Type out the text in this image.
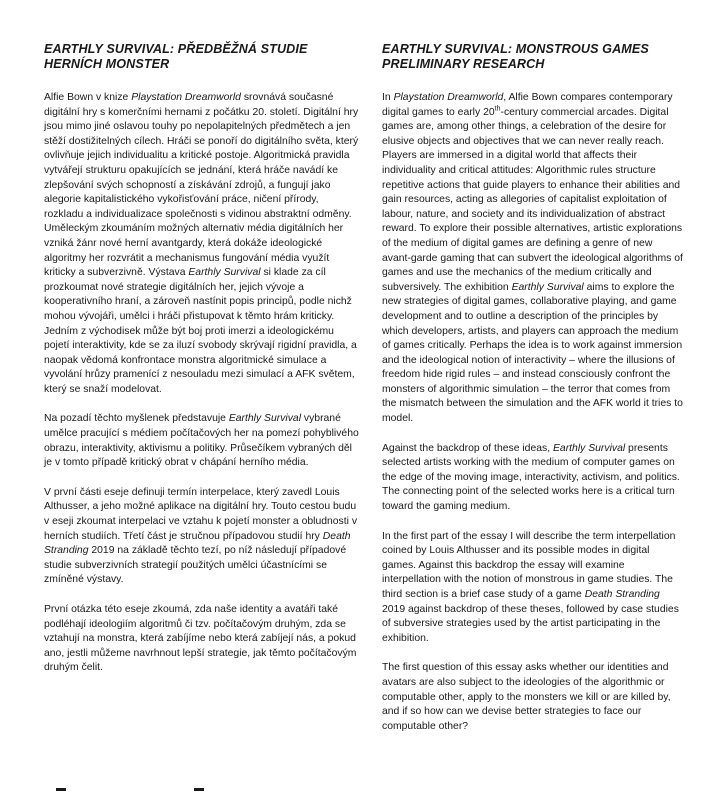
EARTHLY SURVIVAL: PŘEDBĚŽNÁ STUDIE HERNÍCH MONSTER

Alfie Bown v knize Playstation Dreamworld srovnává současné digitální hry s komerčními hernami z počátku 20. století. Digitální hry jsou mimo jiné oslavou touhy po nepolapitelných předmětech a jen stěží dostižitelných cílech. Hráči se ponoří do digitálního světa, který ovlivňuje jejich individualitu a kritické postoje. Algoritmická pravidla vytvářejí strukturu opakujících se jednání, která hráče navádí ke zlepšování svých schopností a získávání zdrojů, a fungují jako alegorie kapitalistického vykořisťování práce, ničení přírody, rozkladu a individualizace společnosti s vidinou abstraktní odměny. Uměleckým zkoumáním možných alternativ média digitálních her vzniká žánr nové herní avantgardy, která dokáže ideologické algoritmy her rozvrátit a mechanismus fungování média využít kriticky a subverzivně. Výstava Earthly Survival si klade za cíl prozkoumat nové strategie digitálních her, jejich vývoje a kooperativního hraní, a zároveň nastínit popis principů, podle nichž mohou vývojáři, umělci i hráči přistupovat k těmto hrám kriticky. Jedním z východisek může být boj proti imerzi a ideologickému pojetí interaktivity, kde se za iluzí svobody skrývají rigidní pravidla, a naopak vědomá konfrontace monstra algoritmické simulace a vyvolání hrůzy pramenící z nesouladu mezi simulací a AFK světem, který se snaží modelovat.

Na pozadí těchto myšlenek představuje Earthly Survival vybrané umělce pracující s médiem počítačových her na pomezí pohyblivého obrazu, interaktivity, aktivismu a politiky. Průsečíkem vybraných děl je v tomto případě kritický obrat v chápání herního média.

V první části eseje definuji termín interpelace, který zavedl Louis Althusser, a jeho možné aplikace na digitální hry. Touto cestou budu v eseji zkoumat interpelaci ve vztahu k pojetí monster a obludnosti v herních studiích. Třetí část je stručnou případovou studií hry Death Stranding 2019 na základě těchto tezí, po níž následují případové studie subverzivních strategií použitých umělci účastnícími se zmíněné výstavy.

První otázka této eseje zkoumá, zda naše identity a avatáři také podléhají ideologiím algoritmů či tzv. počítačovým druhým, zda se vztahují na monstra, která zabíjíme nebo která zabíjejí nás, a pokud ano, jestli můžeme navrhnout lepší strategie, jak těmto počítačovým druhým čelit.

EARTHLY SURVIVAL: MONSTROUS GAMES PRELIMINARY RESEARCH

In Playstation Dreamworld, Alfie Bown compares contemporary digital games to early 20th-century commercial arcades. Digital games are, among other things, a celebration of the desire for elusive objects and objectives that we can never really reach. Players are immersed in a digital world that affects their individuality and critical attitudes: Algorithmic rules structure repetitive actions that guide players to enhance their abilities and gain resources, acting as allegories of capitalist exploitation of labour, nature, and society and its individualization of abstract reward. To explore their possible alternatives, artistic explorations of the medium of digital games are defining a genre of new avant-garde gaming that can subvert the ideological algorithms of games and use the mechanics of the medium critically and subversively. The exhibition Earthly Survival aims to explore the new strategies of digital games, collaborative playing, and game development and to outline a description of the principles by which developers, artists, and players can approach the medium of games critically. Perhaps the idea is to work against immersion and the ideological notion of interactivity – where the illusions of freedom hide rigid rules – and instead consciously confront the monsters of algorithmic simulation – the terror that comes from the mismatch between the simulation and the AFK world it tries to model.

Against the backdrop of these ideas, Earthly Survival presents selected artists working with the medium of computer games on the edge of the moving image, interactivity, activism, and politics. The connecting point of the selected works here is a critical turn toward the gaming medium.

In the first part of the essay I will describe the term interpellation coined by Louis Althusser and its possible modes in digital games. Against this backdrop the essay will examine interpellation with the notion of monstrous in game studies. The third section is a brief case study of a game Death Stranding 2019 against backdrop of these theses, followed by case studies of subversive strategies used by the artist participating in the exhibition.

The first question of this essay asks whether our identities and avatars are also subject to the ideologies of the algorithmic or computable other, apply to the monsters we kill or are killed by, and if so how can we devise better strategies to face our computable other?
